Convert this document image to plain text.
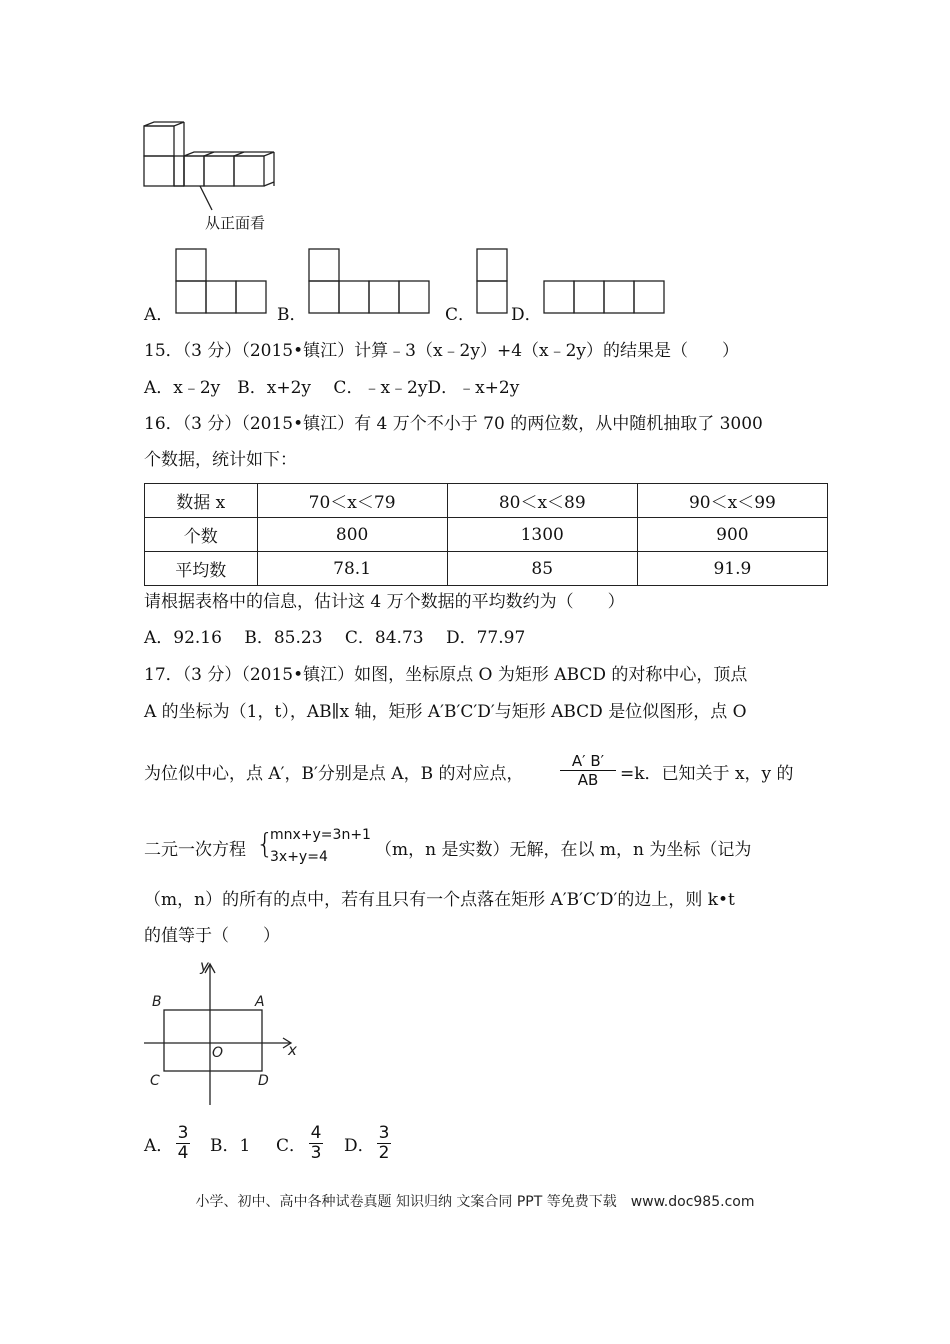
从正面看
A．	B．	C． D．
15．（3 分）（2015•镇江）计算﹣3（x﹣2y）+4（x﹣2y）的结果是（　　）
A．x﹣2y　B．x+2y　 C．﹣x﹣2yD．﹣x+2y
16．（3 分）（2015•镇江）有 4 万个不小于 70 的两位数，从中随机抽取了 3000
个数据，统计如下：
数据 x	70＜x＜79	80＜x＜89	90＜x＜99
个数	800	1300	900
平均数	78.1	85	91.9
请根据表格中的信息，估计这 4 万个数据的平均数约为（　　）
A．92.16　 B．85.23　 C．84.73　 D．77.97
17．（3 分）（2015•镇江）如图，坐标原点 O 为矩形 ABCD 的对称中心，顶点
A 的坐标为（1，t），AB∥x 轴，矩形 A′B′C′D′与矩形 ABCD 是位似图形，点 O
为位似中心，点 A′，B′分别是点 A，B 的对应点，
A′ B′
AB =k．已知关于 x，y 的
二元一次方程 {
mnx+y=3n+1
3x+y=4	（m，n 是实数）无解，在以 m，n 为坐标（记为
（m，n）的所有的点中，若有且只有一个点落在矩形 A′B′C′D′的边上，则 k•t
的值等于（　　）
y
x
O
A
B
C	D
A．
3
4 B．1 C．
4
3 D．
3
2
小学、初中、高中各种试卷真题 知识归纳 文案合同 PPT 等免费下载　www.doc985.com
